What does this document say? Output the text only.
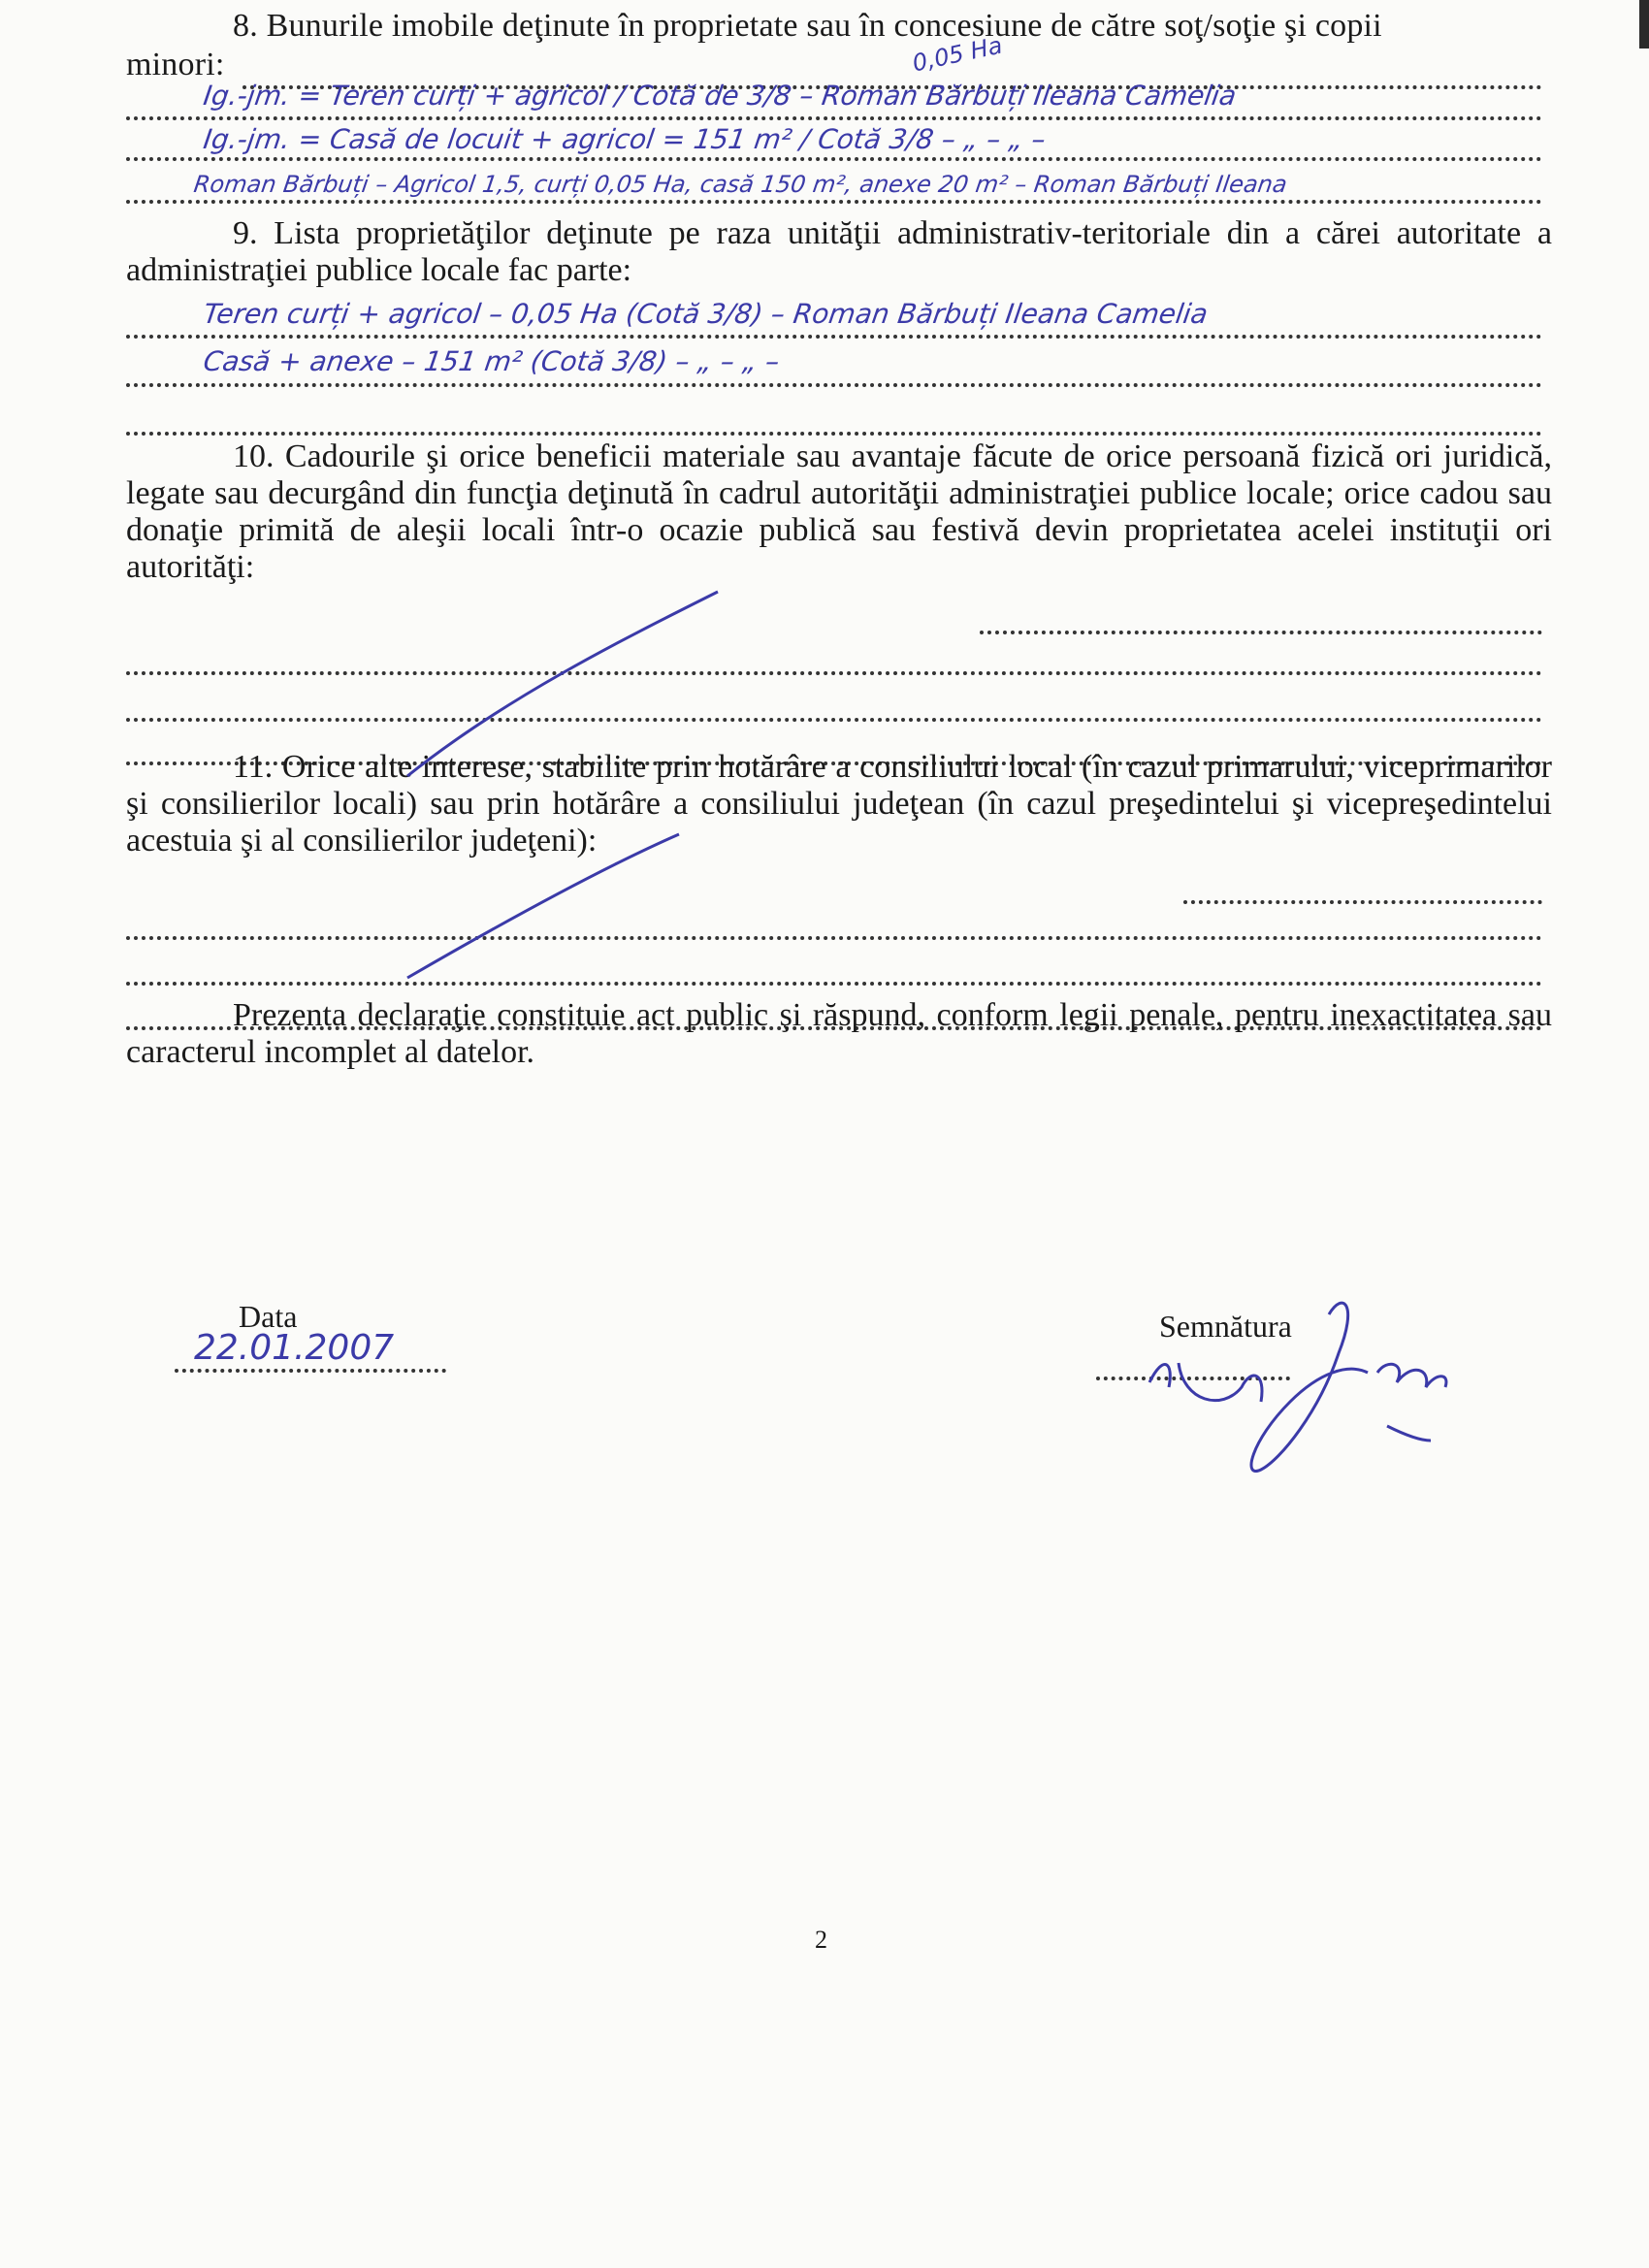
8. Bunurile imobile deţinute în proprietate sau în concesiune de către soţ/soţie şi copii
minori:	0,05 Ha
Ig.-jm. = Teren curți + agricol / Cotă de 3/8 – Roman Bărbuți Ileana Camelia
Ig.-jm. = Casă de locuit + agricol = 151 m² / Cotă 3/8 – „ – „ –
Roman Bărbuți – Agricol 1,5, curți 0,05 Ha, casă 150 m², anexe 20 m² – Roman Bărbuți Ileana
9. Lista proprietăţilor deţinute pe raza unităţii administrativ-teritoriale din a cărei autoritate a administraţiei publice locale fac parte:
Teren curți + agricol – 0,05 Ha (Cotă 3/8) – Roman Bărbuți Ileana Camelia
Casă + anexe – 151 m² (Cotă 3/8) – „ – „ –
10. Cadourile şi orice beneficii materiale sau avantaje făcute de orice persoană fizică ori juridică, legate sau decurgând din funcţia deţinută în cadrul autorităţii administraţiei publice locale; orice cadou sau donaţie primită de aleşii locali într-o ocazie publică sau festivă devin proprietatea acelei instituţii ori autorităţi:
11. Orice alte interese, stabilite prin hotărâre a consiliului local (în cazul primarului, viceprimarilor şi consilierilor locali) sau prin hotărâre a consiliului judeţean (în cazul preşedintelui şi vicepreşedintelui acestuia şi al consilierilor judeţeni):
Prezenta declaraţie constituie act public şi răspund, conform legii penale, pentru inexactitatea sau caracterul incomplet al datelor.
Data
22.01.2007
Semnătura
2
